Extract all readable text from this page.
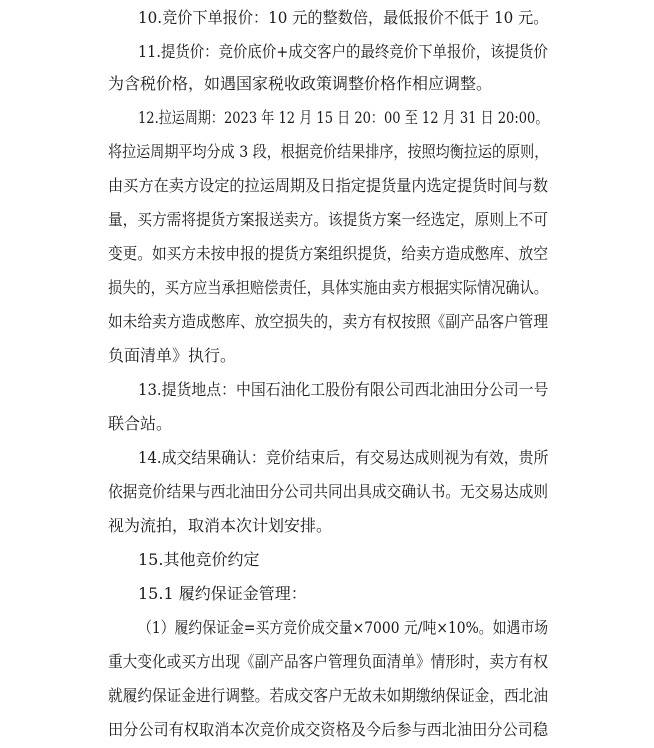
10.竞价下单报价：10 元的整数倍，最低报价不低于 10 元。
11.提货价：竞价底价+成交客户的最终竞价下单报价，该提货价
为含税价格，如遇国家税收政策调整价格作相应调整。
12.拉运周期：2023 年 12 月 15 日 20：00 至 12 月 31 日 20:00。
将拉运周期平均分成 3 段，根据竞价结果排序，按照均衡拉运的原则，
由买方在卖方设定的拉运周期及日指定提货量内选定提货时间与数
量，买方需将提货方案报送卖方。该提货方案一经选定，原则上不可
变更。如买方未按申报的提货方案组织提货，给卖方造成憋库、放空
损失的，买方应当承担赔偿责任，具体实施由卖方根据实际情况确认。
如未给卖方造成憋库、放空损失的，卖方有权按照《副产品客户管理
负面清单》执行。
13.提货地点：中国石油化工股份有限公司西北油田分公司一号
联合站。
14.成交结果确认：竞价结束后，有交易达成则视为有效，贵所
依据竞价结果与西北油田分公司共同出具成交确认书。无交易达成则
视为流拍，取消本次计划安排。
15.其他竞价约定
15.1 履约保证金管理：
（1）履约保证金=买方竞价成交量×7000 元/吨×10%。如遇市场
重大变化或买方出现《副产品客户管理负面清单》情形时，卖方有权
就履约保证金进行调整。若成交客户无故未如期缴纳保证金，西北油
田分公司有权取消本次竞价成交资格及今后参与西北油田分公司稳
